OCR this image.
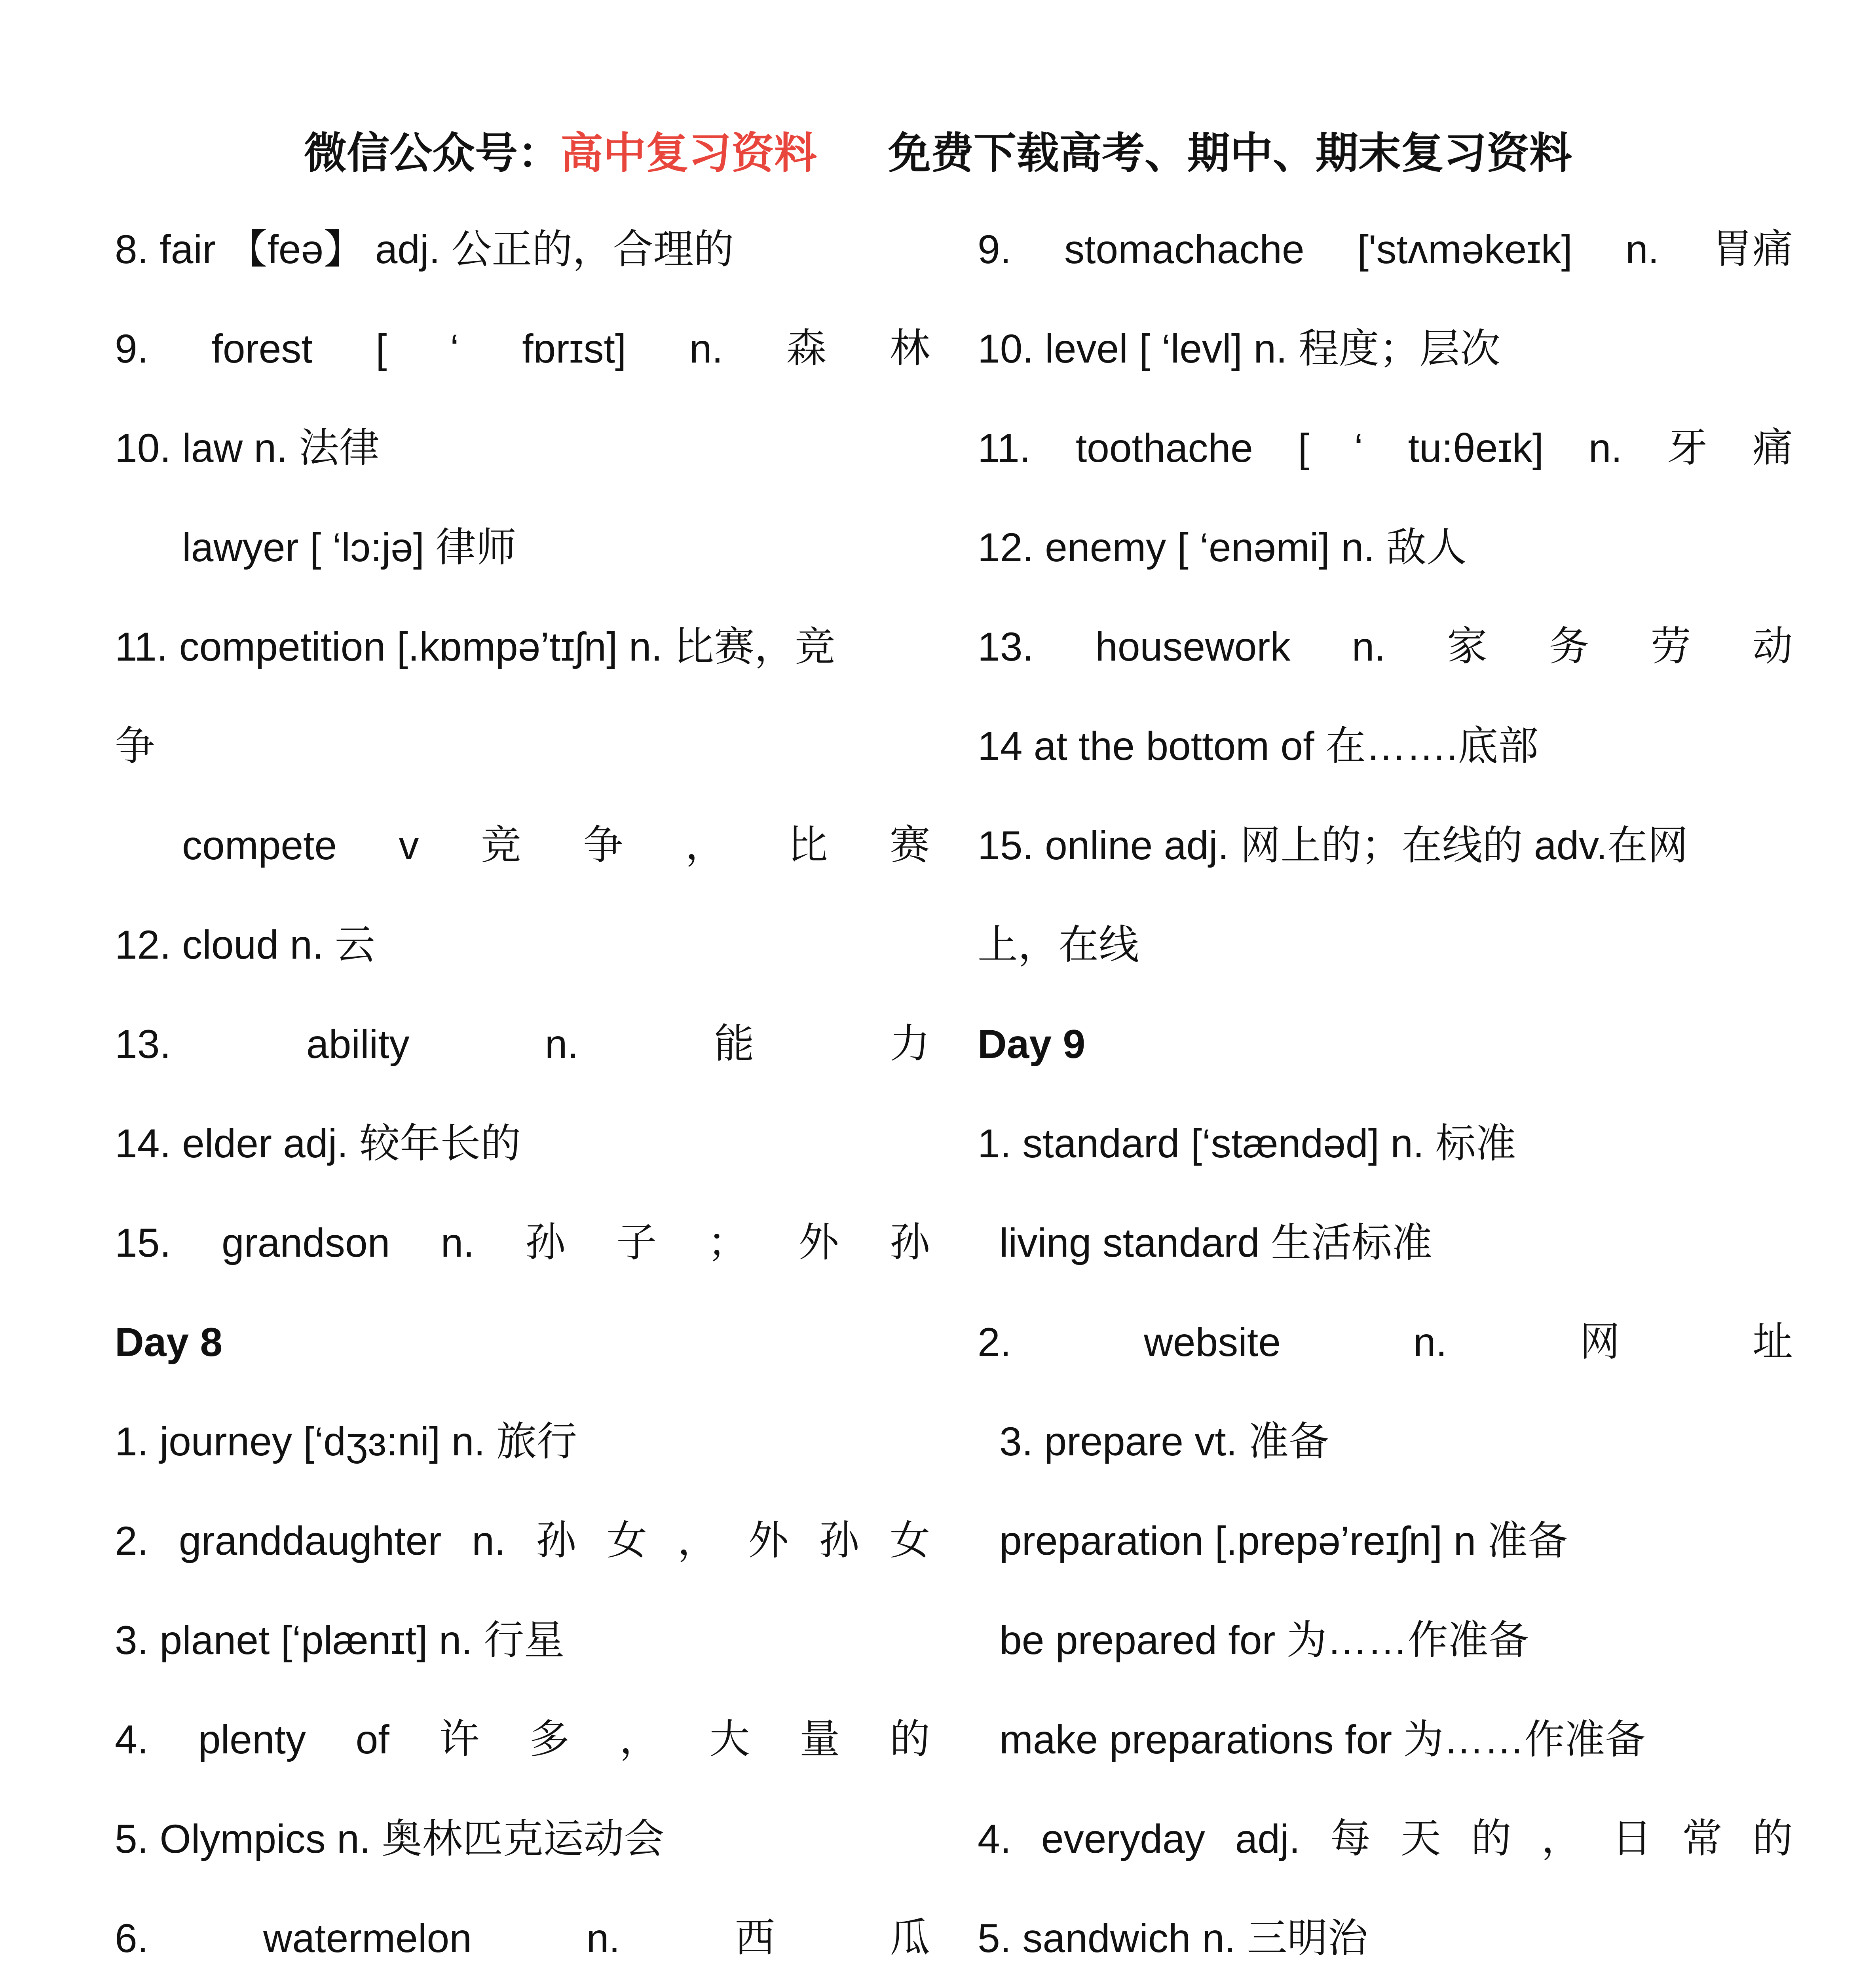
微信公众号：高中复习资料 免费下载高考、期中、期末复习资料
8. fair 【feə】 adj. 公正的，合理的
9. forest [ ‘ fɒrɪst] n. 森 林
10. law n. 法律
lawyer [ ‘lɔ:jə] 律师
11. competition [.kɒmpə’tɪʃn] n. 比赛，竞
争
compete v 竞 争 ， 比 赛
12. cloud n. 云
13.	ability	n.	能	力
14. elder adj. 较年长的
15. grandson n. 孙 子 ； 外 孙
Day 8
1. journey [‘dʒɜ:ni] n. 旅行
2. granddaughter n. 孙 女 ， 外 孙 女
3. planet [‘plænɪt] n. 行星
4. plenty of 许 多 ， 大 量 的
5. Olympics n. 奥林匹克运动会
6.	watermelon	n.	西	瓜
9. stomachache ['stʌməkeɪk] n. 胃痛
10. level [ ‘levl] n. 程度；层次
11. toothache [ ‘ tu:θeɪk] n. 牙 痛
12. enemy [ ‘enəmi] n. 敌人
13. housework n. 家 务 劳 动
14 at the bottom of 在…….底部
15. online adj. 网上的；在线的 adv.在网
上，在线
Day 9
1. standard [‘stændəd] n. 标准
living standard 生活标准
2.	website	n.	网	址
3. prepare vt. 准备
preparation [.prepə’reɪʃn] n 准备
be prepared for 为……作准备
make preparations for 为……作准备
4. everyday adj. 每 天 的 ， 日 常 的
5. sandwich n. 三明治
